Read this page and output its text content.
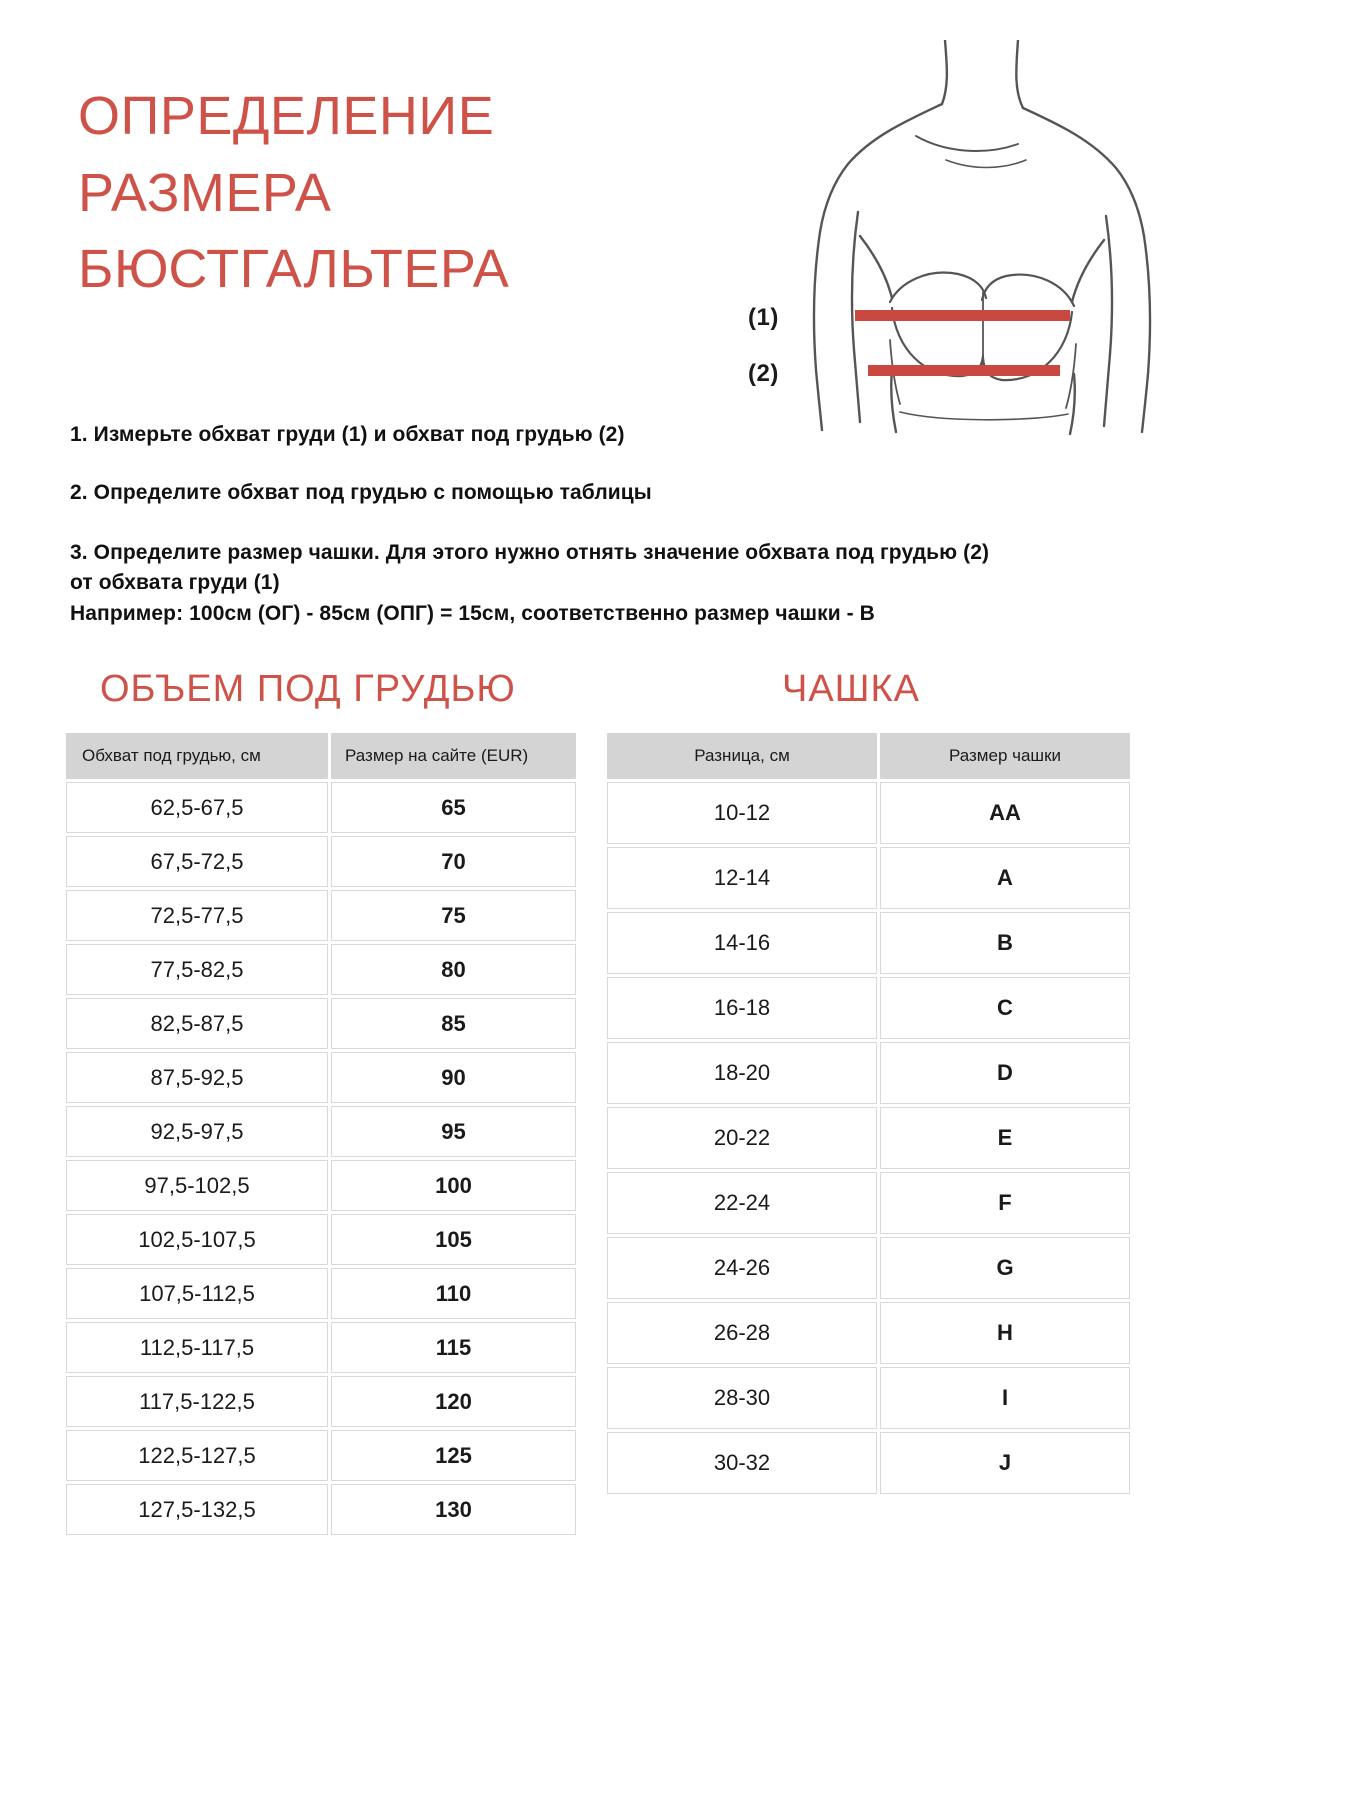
ОПРЕДЕЛЕНИЕ
РАЗМЕРА
БЮСТГАЛЬТЕРА
(1)
(2)
1. Измерьте обхват груди (1) и обхват под грудью (2)
2. Определите обхват под грудью с помощью таблицы
3. Определите размер чашки. Для этого нужно отнять значение обхвата под грудью (2)
от обхвата груди (1)
Например: 100см (ОГ) - 85см (ОПГ) = 15см, соответственно размер чашки - B
ОБЪЕМ ПОД ГРУДЬЮ	ЧАШКА
Обхват под грудью, см	Размер на сайте (EUR)
62,5-67,5	65
67,5-72,5	70
72,5-77,5	75
77,5-82,5	80
82,5-87,5	85
87,5-92,5	90
92,5-97,5	95
97,5-102,5	100
102,5-107,5	105
107,5-112,5	110
112,5-117,5	115
117,5-122,5	120
122,5-127,5	125
127,5-132,5	130
Разница, см	Размер чашки
10-12	AA
12-14	A
14-16	B
16-18	C
18-20	D
20-22	E
22-24	F
24-26	G
26-28	H
28-30	I
30-32	J
